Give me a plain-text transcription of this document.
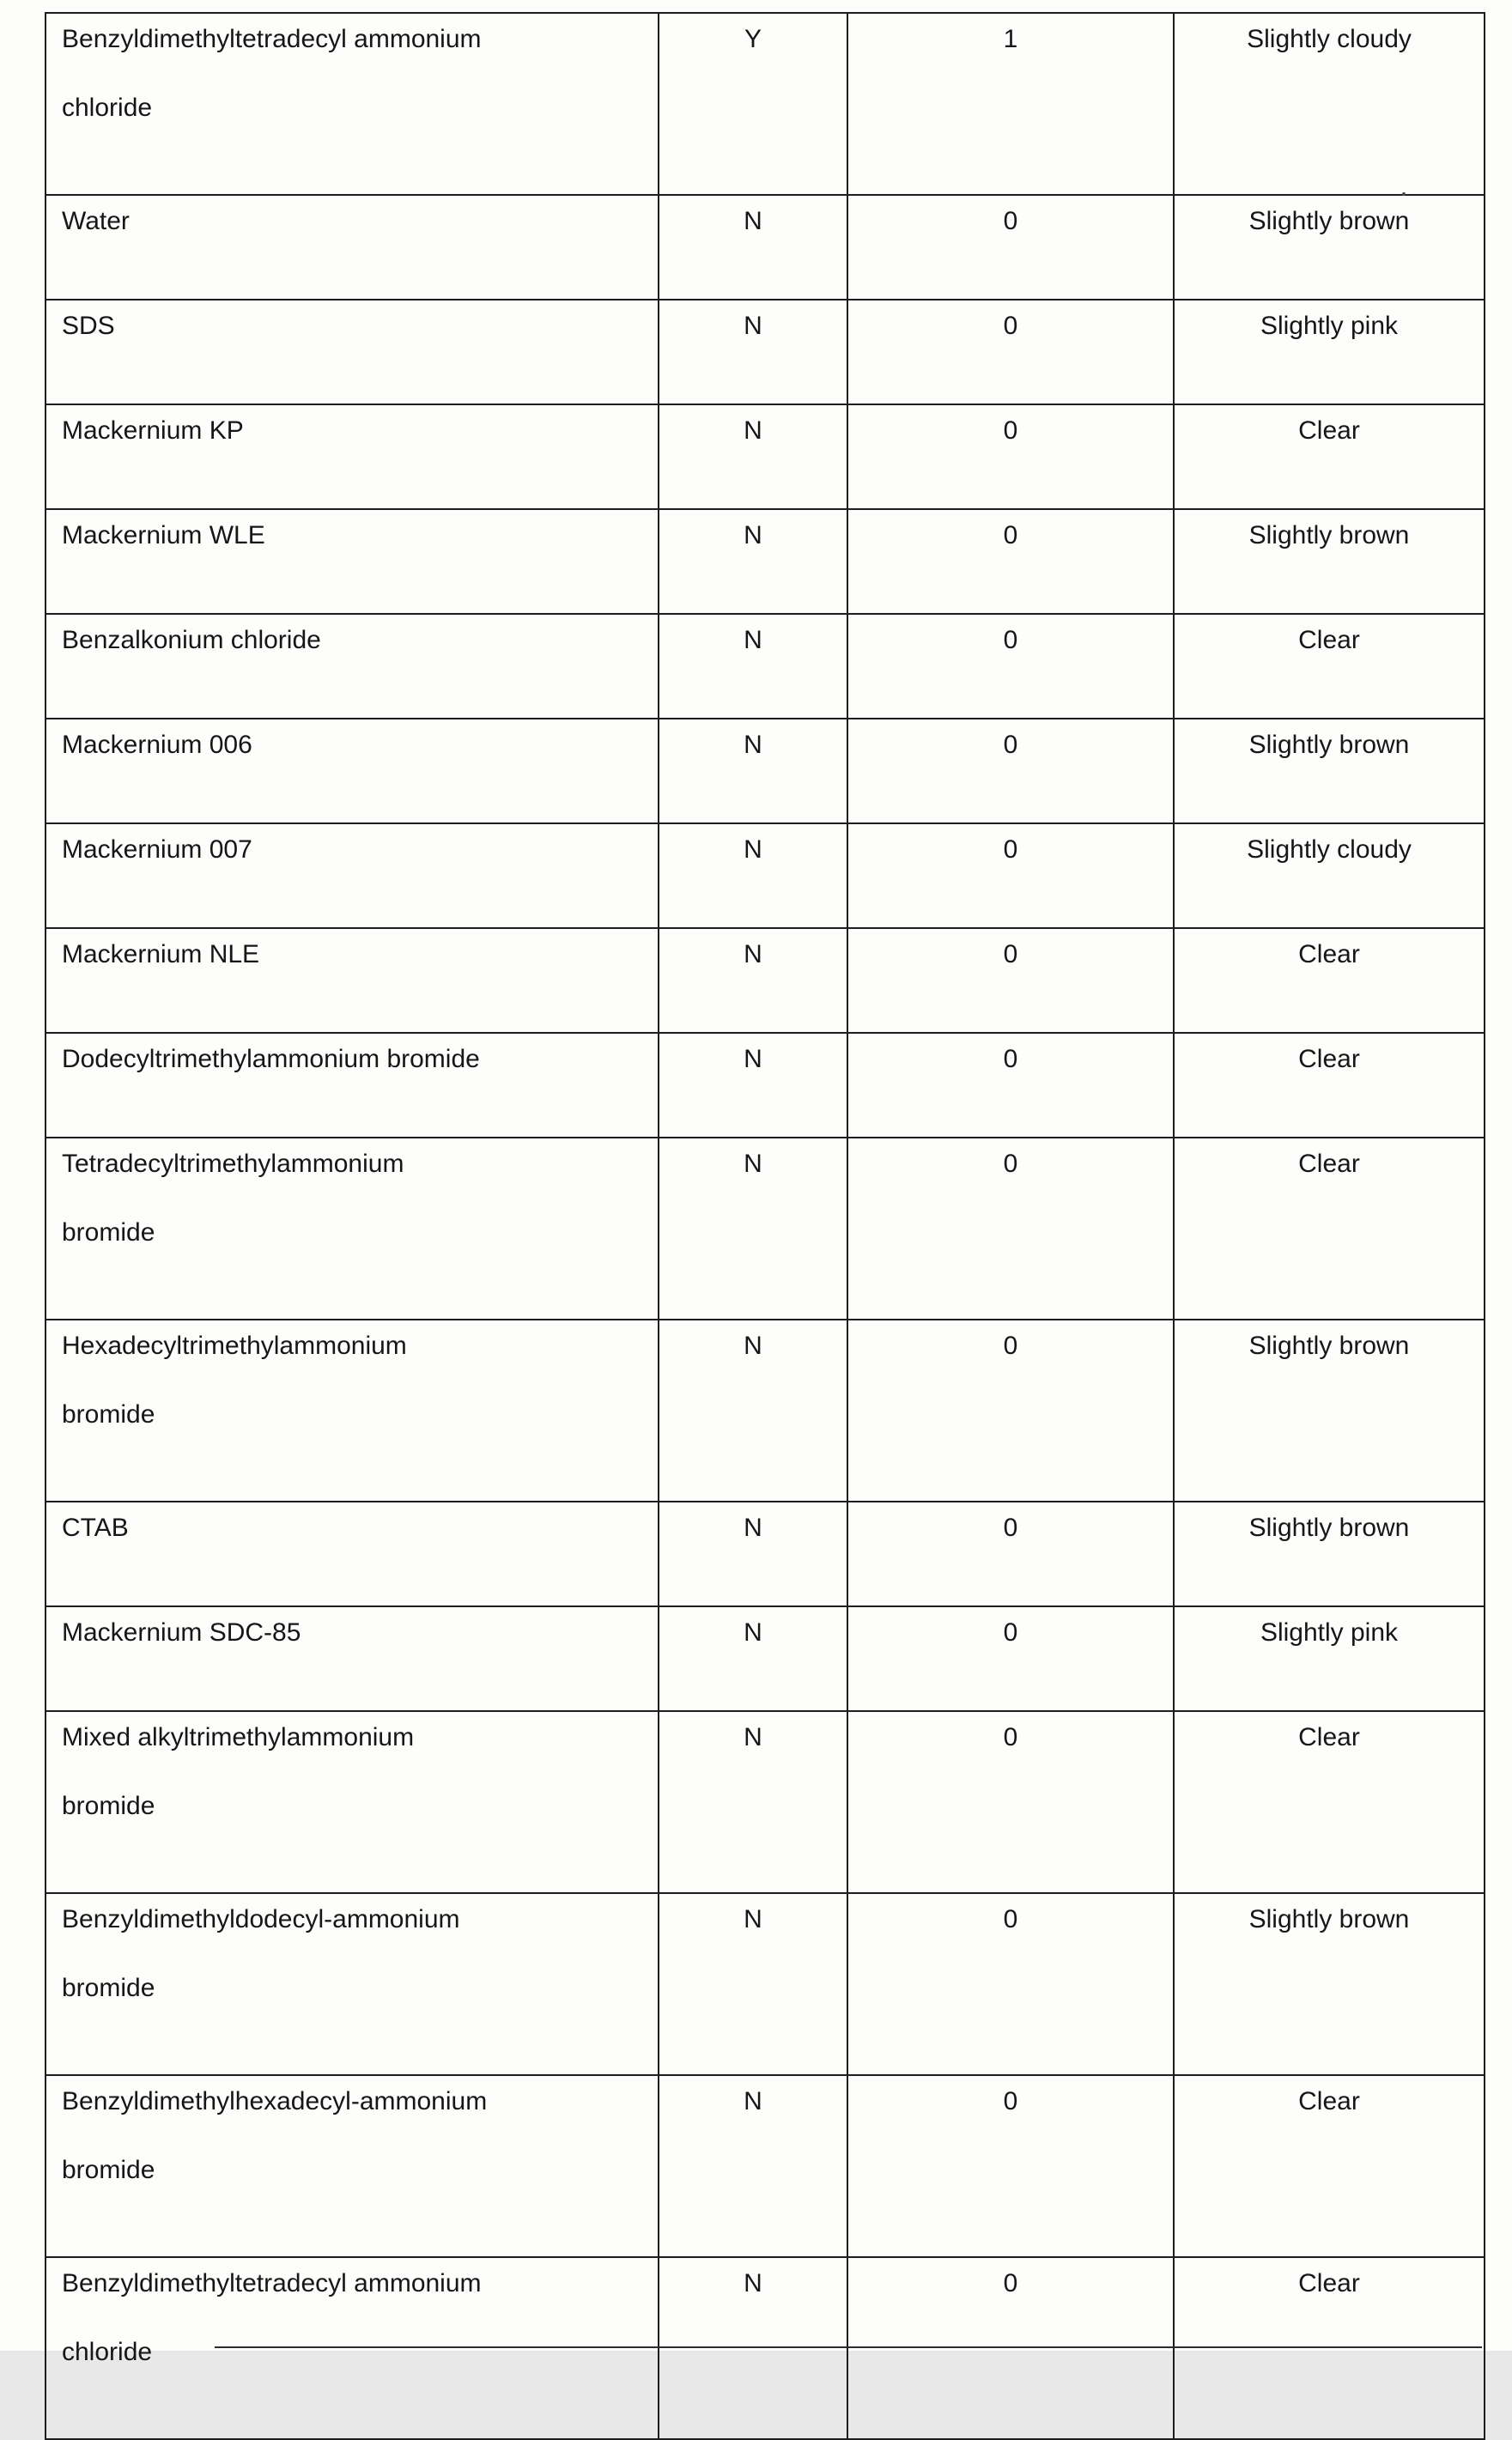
Benzyldimethyltetradecyl ammonium
chloride
Y	1	Slightly cloudy
Water	N	0	Slightly brown
SDS	N	0	Slightly pink
Mackernium KP	N	0	Clear
Mackernium WLE	N	0	Slightly brown
Benzalkonium chloride	N	0	Clear
Mackernium 006	N	0	Slightly brown
Mackernium 007	N	0	Slightly cloudy
Mackernium NLE	N	0	Clear
Dodecyltrimethylammonium bromide	N	0	Clear
Tetradecyltrimethylammonium
bromide
N	0	Clear
Hexadecyltrimethylammonium
bromide
N	0	Slightly brown
CTAB	N	0	Slightly brown
Mackernium SDC-85	N	0	Slightly pink
Mixed alkyltrimethylammonium
bromide
N	0	Clear
Benzyldimethyldodecyl-ammonium
bromide
N	0	Slightly brown
Benzyldimethylhexadecyl-ammonium
bromide
N	0	Clear
Benzyldimethyltetradecyl ammonium
chloride
N	0	Clear
